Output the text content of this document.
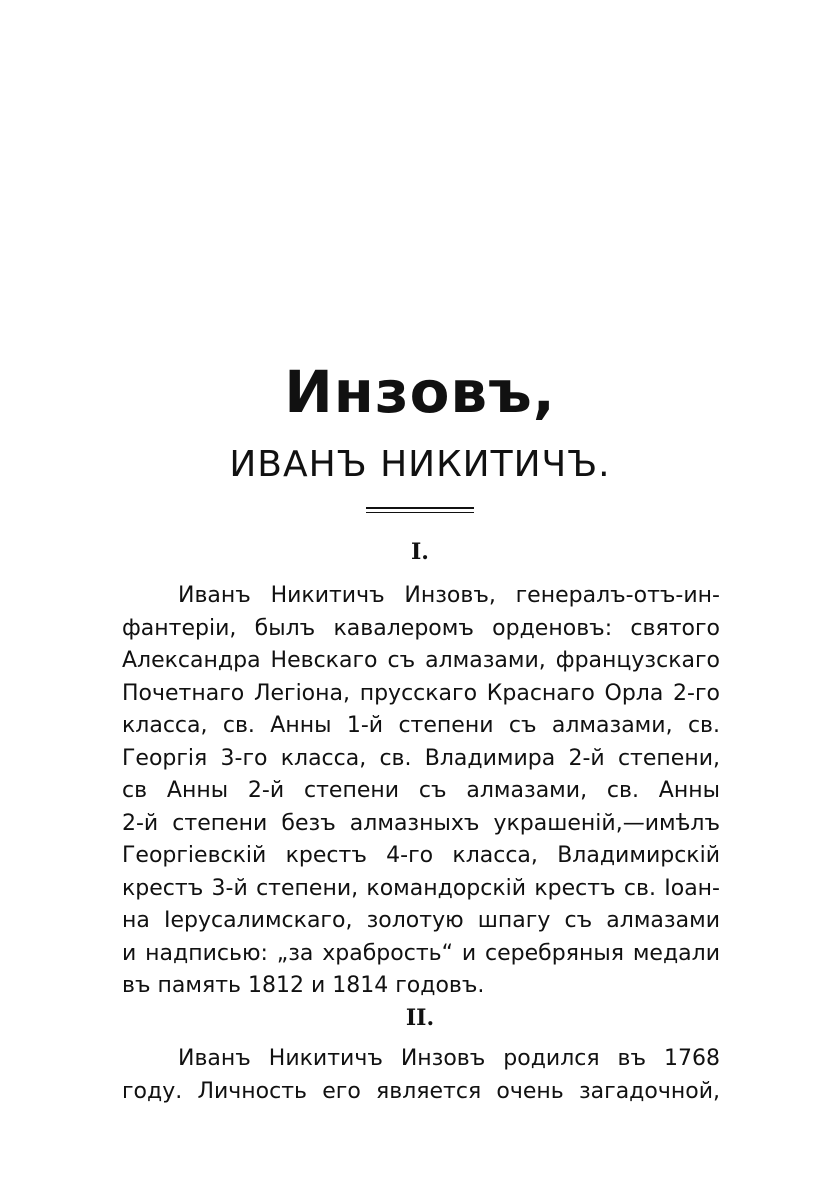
Инзовъ,
ИВАНЪ НИКИТИЧЪ.
I.
Иванъ Никитичъ Инзовъ, генералъ-отъ-ин-
фантеріи, былъ кавалеромъ орденовъ: святого
Александра Невскаго съ алмазами, французскаго
Почетнаго Легіона, прусскаго Краснаго Орла 2-го
класса, св. Анны 1-й степени съ алмазами, св.
Георгія 3-го класса, св. Владимира 2-й степени,
св Анны 2-й степени съ алмазами, св. Анны
2-й степени безъ алмазныхъ украшеній,—имѣлъ
Георгіевскій крестъ 4-го класса, Владимирскій
крестъ 3-й степени, командорскій крестъ св. Іоан-
на Іерусалимскаго, золотую шпагу съ алмазами
и надписью: „за храбрость“ и серебряныя медали
въ память 1812 и 1814 годовъ.
II.
Иванъ Никитичъ Инзовъ родился въ 1768
году. Личность его является очень загадочной,
